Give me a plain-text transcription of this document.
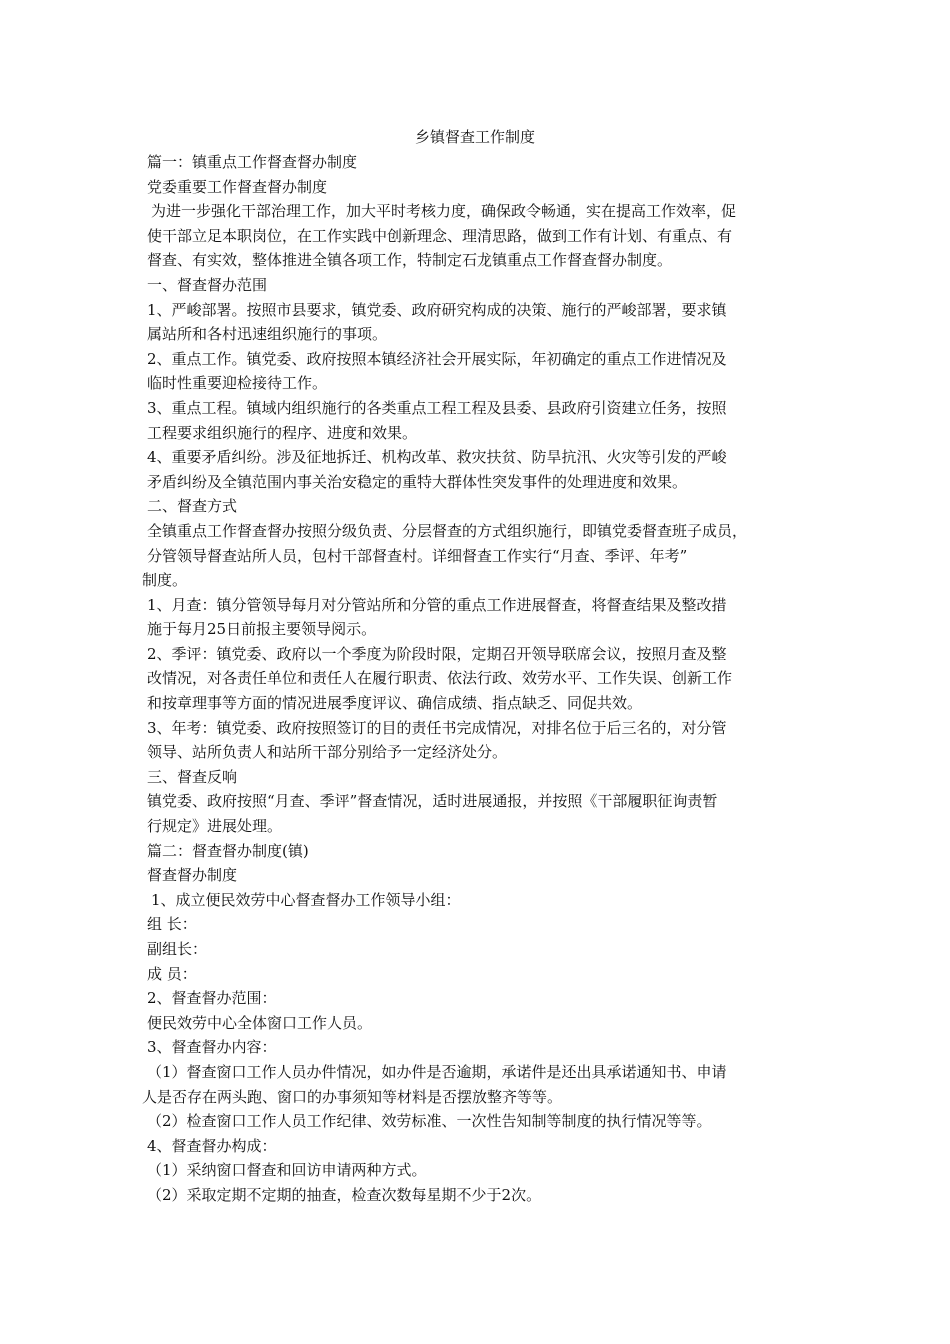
乡镇督查工作制度
篇一：镇重点工作督查督办制度
党委重要工作督查督办制度
为进一步强化干部治理工作，加大平时考核力度，确保政令畅通，实在提高工作效率，促
使干部立足本职岗位，在工作实践中创新理念、理清思路，做到工作有计划、有重点、有
督查、有实效，整体推进全镇各项工作，特制定石龙镇重点工作督查督办制度。
一、督查督办范围
1、严峻部署。按照市县要求，镇党委、政府研究构成的决策、施行的严峻部署，要求镇
属站所和各村迅速组织施行的事项。
2、重点工作。镇党委、政府按照本镇经济社会开展实际，年初确定的重点工作进情况及
临时性重要迎检接待工作。
3、重点工程。镇域内组织施行的各类重点工程工程及县委、县政府引资建立任务，按照
工程要求组织施行的程序、进度和效果。
4、重要矛盾纠纷。涉及征地拆迁、机构改革、救灾扶贫、防旱抗汛、火灾等引发的严峻
矛盾纠纷及全镇范围内事关治安稳定的重特大群体性突发事件的处理进度和效果。
二、督查方式
全镇重点工作督查督办按照分级负责、分层督查的方式组织施行，即镇党委督查班子成员，
分管领导督查站所人员，包村干部督查村。详细督查工作实行“月查、季评、年考”
制度。
1、月查：镇分管领导每月对分管站所和分管的重点工作进展督查，将督查结果及整改措
施于每月25日前报主要领导阅示。
2、季评：镇党委、政府以一个季度为阶段时限，定期召开领导联席会议，按照月查及整
改情况，对各责任单位和责任人在履行职责、依法行政、效劳水平、工作失误、创新工作
和按章理事等方面的情况进展季度评议、确信成绩、指点缺乏、同促共效。
3、年考：镇党委、政府按照签订的目的责任书完成情况，对排名位于后三名的，对分管
领导、站所负责人和站所干部分别给予一定经济处分。
三、督查反响
镇党委、政府按照“月查、季评”督查情况，适时进展通报，并按照《干部履职征询责暂
行规定》进展处理。
篇二：督查督办制度(镇)
督查督办制度
1、成立便民效劳中心督查督办工作领导小组：
组 长：
副组长：
成 员：
2、督查督办范围：
便民效劳中心全体窗口工作人员。
3、督查督办内容：
（1）督查窗口工作人员办件情况，如办件是否逾期，承诺件是还出具承诺通知书、申请
人是否存在两头跑、窗口的办事须知等材料是否摆放整齐等等。
（2）检查窗口工作人员工作纪律、效劳标准、一次性告知制等制度的执行情况等等。
4、督查督办构成：
（1）采纳窗口督查和回访申请两种方式。
（2）采取定期不定期的抽查，检查次数每星期不少于2次。
